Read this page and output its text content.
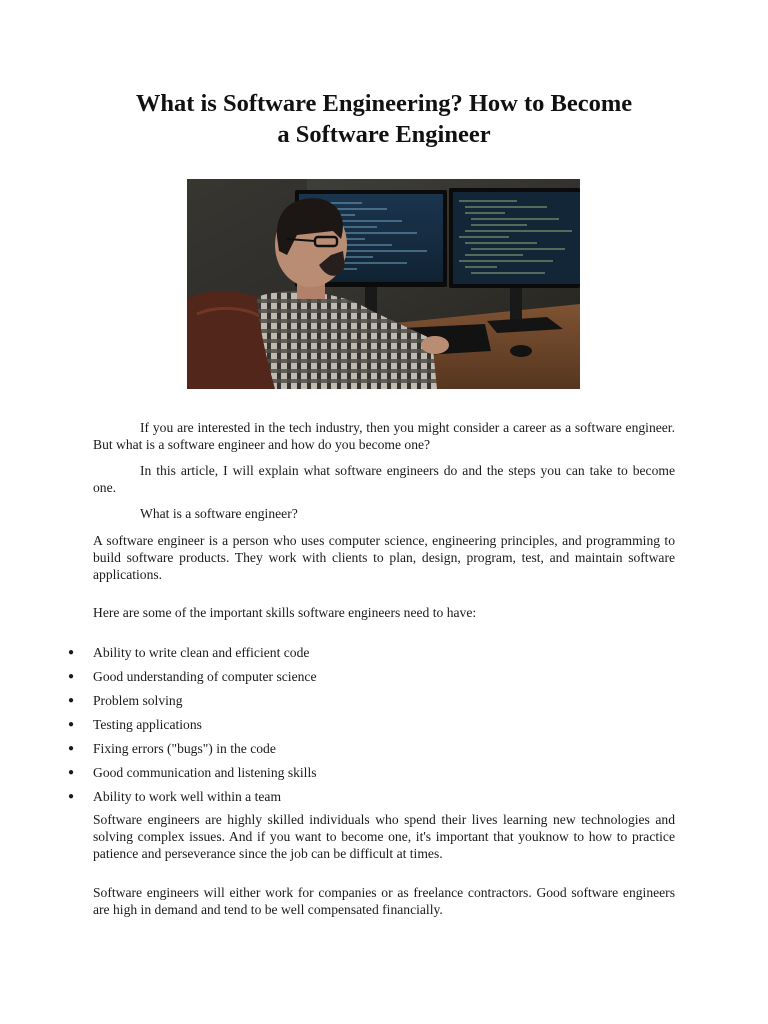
What is Software Engineering? How to Become
a Software Engineer

If you are interested in the tech industry, then you might consider a career as a software engineer. But what is a software engineer and how do you become one?

In this article, I will explain what software engineers do and the steps you can take to become one.

What is a software engineer?

A software engineer is a person who uses computer science, engineering principles, and programming to build software products. They work with clients to plan, design, program, test, and maintain software applications.

Here are some of the important skills software engineers need to have:

● Ability to write clean and efficient code
● Good understanding of computer science
● Problem solving
● Testing applications
● Fixing errors ("bugs") in the code
● Good communication and listening skills
● Ability to work well within a team

Software engineers are highly skilled individuals who spend their lives learning new technologies and solving complex issues. And if you want to become one, it's important that youknow to how to practice patience and perseverance since the job can be difficult at times.

Software engineers will either work for companies or as freelance contractors. Good software engineers are high in demand and tend to be well compensated financially.
